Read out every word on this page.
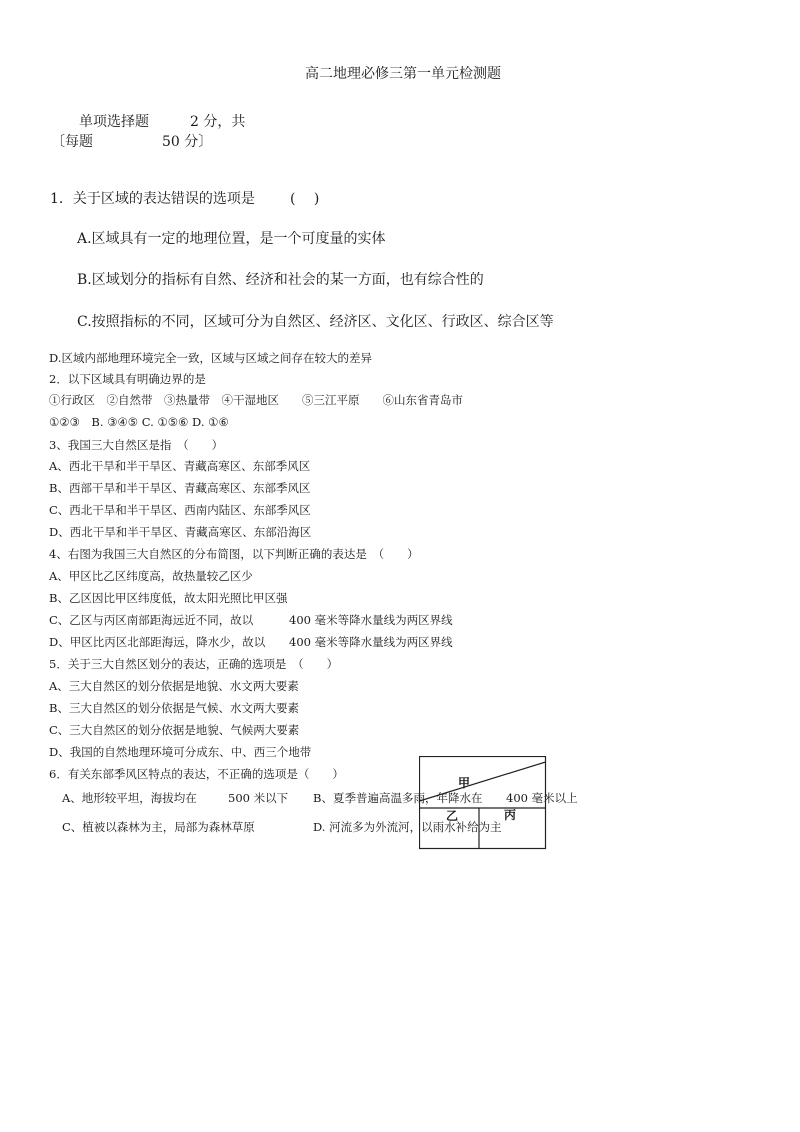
高二地理必修三第一单元检测题
单项选择题	2 分，共
〔每题	50 分〕
1．关于区域的表达错误的选项是	(　 )
A.区域具有一定的地理位置，是一个可度量的实体
B.区域划分的指标有自然、经济和社会的某一方面，也有综合性的
C.按照指标的不同，区域可分为自然区、经济区、文化区、行政区、综合区等
D.区域内部地理环境完全一致，区域与区域之间存在较大的差异
2．以下区域具有明确边界的是
①行政区　②自然带　③热量带　④干湿地区　　⑤三江平原　　⑥山东省青岛市
①②③　B. ③④⑤ C. ①⑤⑥ D. ①⑥
3、我国三大自然区是指　（　　）
A、西北干旱和半干旱区、青藏高寒区、东部季风区
B、西部干旱和半干旱区、青藏高寒区、东部季风区
C、西北干旱和半干旱区、西南内陆区、东部季风区
D、西北干旱和半干旱区、青藏高寒区、东部沿海区
4、右图为我国三大自然区的分布简图，以下判断正确的表达是　（　　）
A、甲区比乙区纬度高，故热量较乙区少
B、乙区因比甲区纬度低，故太阳光照比甲区强
C、乙区与丙区南部距海远近不同，故以	400 毫米等降水量线为两区界线
D、甲区比丙区北部距海远，降水少，故以 400 毫米等降水量线为两区界线
5．关于三大自然区划分的表达，正确的选项是　（　　）
A、三大自然区的划分依据是地貌、水文两大要素
B、三大自然区的划分依据是气候、水文两大要素
C、三大自然区的划分依据是地貌、气候两大要素
D、我国的自然地理环境可分成东、中、西三个地带
6．有关东部季风区特点的表达，不正确的选项是（　　）
甲
乙	丙
A、地形较平坦，海拔均在	500 米以下 B、夏季普遍高温多雨，年降水在 400 毫米以上
C、植被以森林为主，局部为森林草原	D. 河流多为外流河，以雨水补给为主
